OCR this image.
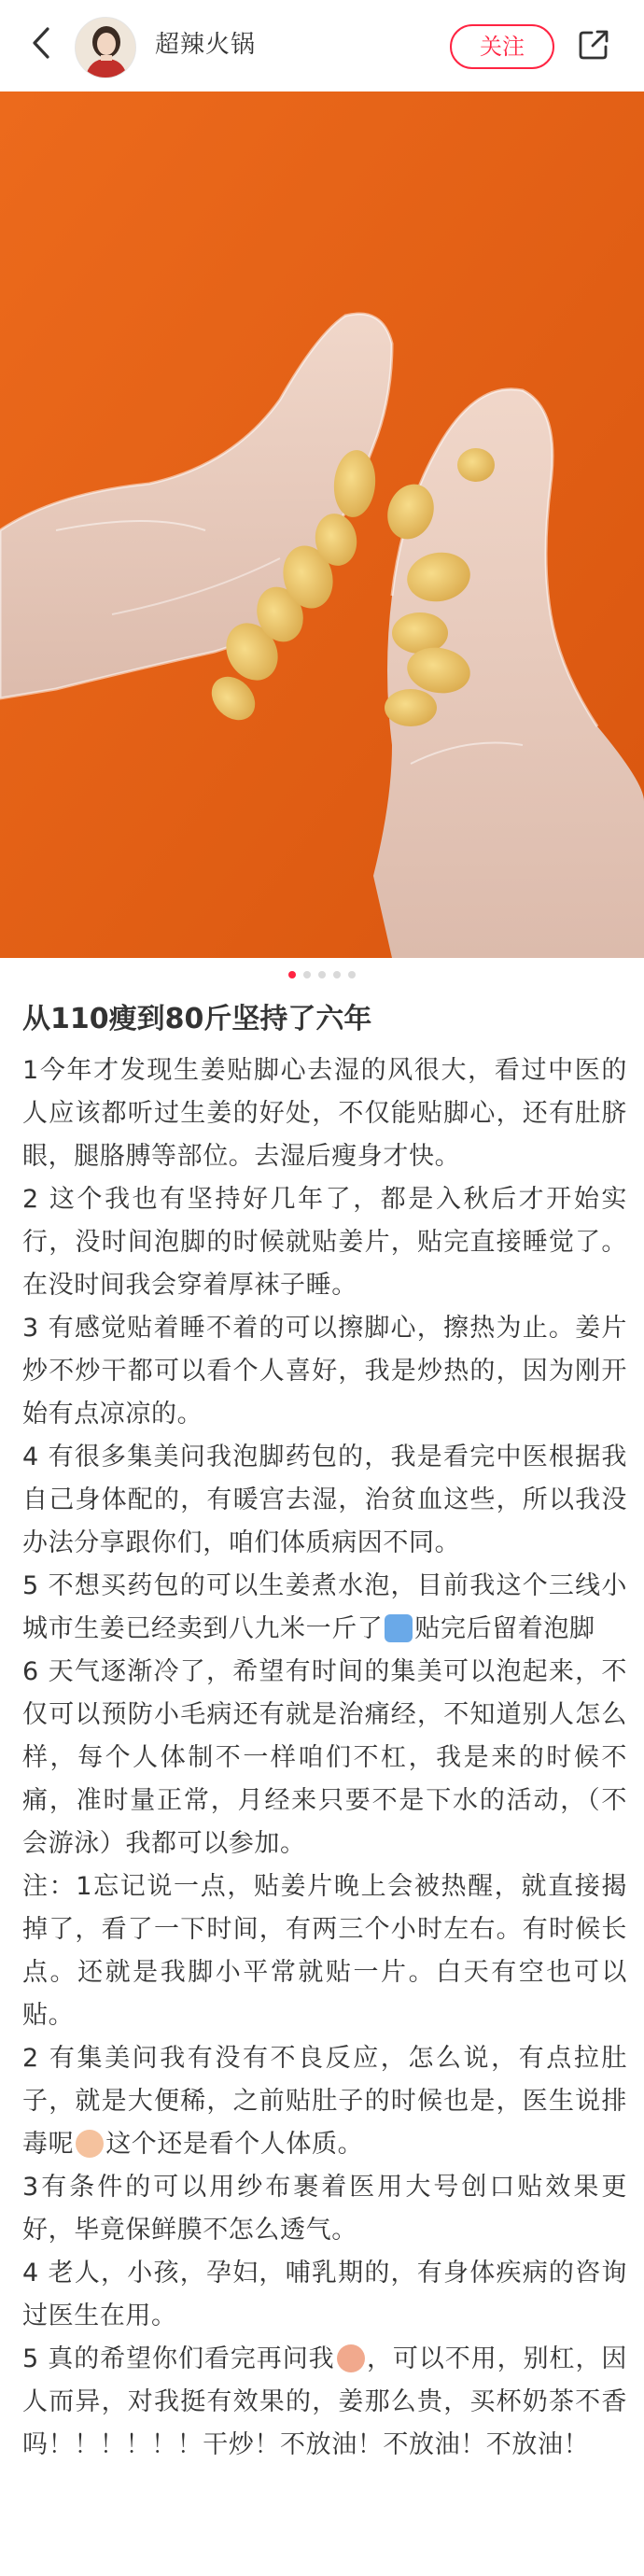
超辣火锅	关注
从110瘦到80斤坚持了六年

1今年才发现生姜贴脚心去湿的风很大，看过中医的人应该都听过生姜的好处，不仅能贴脚心，还有肚脐眼，腿胳膊等部位。去湿后瘦身才快。

2 这个我也有坚持好几年了，都是入秋后才开始实行，没时间泡脚的时候就贴姜片，贴完直接睡觉了。在没时间我会穿着厚袜子睡。

3 有感觉贴着睡不着的可以擦脚心，擦热为止。姜片炒不炒干都可以看个人喜好，我是炒热的，因为刚开始有点凉凉的。

4 有很多集美问我泡脚药包的，我是看完中医根据我自己身体配的，有暖宫去湿，治贫血这些，所以我没办法分享跟你们，咱们体质病因不同。

5 不想买药包的可以生姜煮水泡，目前我这个三线小城市生姜已经卖到八九米一斤了 贴完后留着泡脚

6 天气逐渐冷了，希望有时间的集美可以泡起来，不仅可以预防小毛病还有就是治痛经，不知道别人怎么样，每个人体制不一样咱们不杠，我是来的时候不痛，准时量正常，月经来只要不是下水的活动，（不会游泳）我都可以参加。

注：1忘记说一点，贴姜片晚上会被热醒，就直接揭掉了，看了一下时间，有两三个小时左右。有时候长点。还就是我脚小平常就贴一片。白天有空也可以贴。

2 有集美问我有没有不良反应，怎么说，有点拉肚子，就是大便稀，之前贴肚子的时候也是，医生说排毒呢 这个还是看个人体质。

3有条件的可以用纱布裹着医用大号创口贴效果更好，毕竟保鲜膜不怎么透气。

4 老人，小孩，孕妇，哺乳期的，有身体疾病的咨询过医生在用。

5 真的希望你们看完再问我 ，可以不用，别杠，因人而异，对我挺有效果的，姜那么贵，买杯奶茶不香吗！！！！！！干炒！不放油！不放油！不放油！
